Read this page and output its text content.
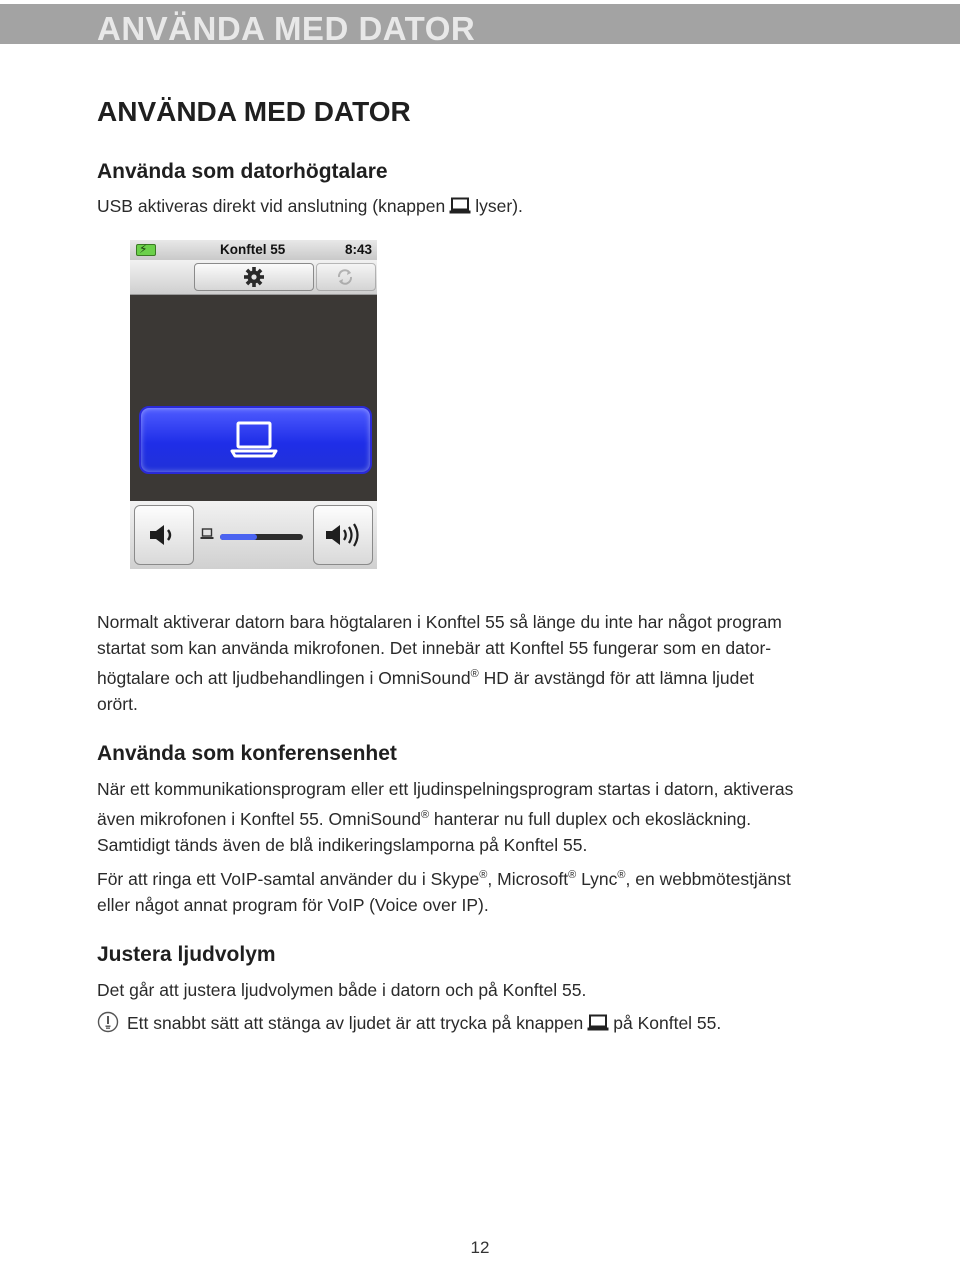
ANVÄNDA MED DATOR
ANVÄNDA MED DATOR
Använda som datorhögtalare
USB aktiveras direkt vid anslutning (knappen lyser).
⚡	Konftel 55	8:43
Normalt aktiverar datorn bara högtalaren i Konftel 55 så länge du inte har något program
startat som kan använda mikrofonen. Det innebär att Konftel 55 fungerar som en dator-
högtalare och att ljudbehandlingen i OmniSound® HD är avstängd för att lämna ljudet
orört.
Använda som konferensenhet
När ett kommunikationsprogram eller ett ljudinspelningsprogram startas i datorn, aktiveras
även mikrofonen i Konftel 55. OmniSound® hanterar nu full duplex och ekosläckning.
Samtidigt tänds även de blå indikeringslamporna på Konftel 55.
För att ringa ett VoIP-samtal använder du i Skype®, Microsoft® Lync®, en webbmötestjänst
eller något annat program för VoIP (Voice over IP).
Justera ljudvolym
Det går att justera ljudvolymen både i datorn och på Konftel 55.
Ett snabbt sätt att stänga av ljudet är att trycka på knappen på Konftel 55.
12
